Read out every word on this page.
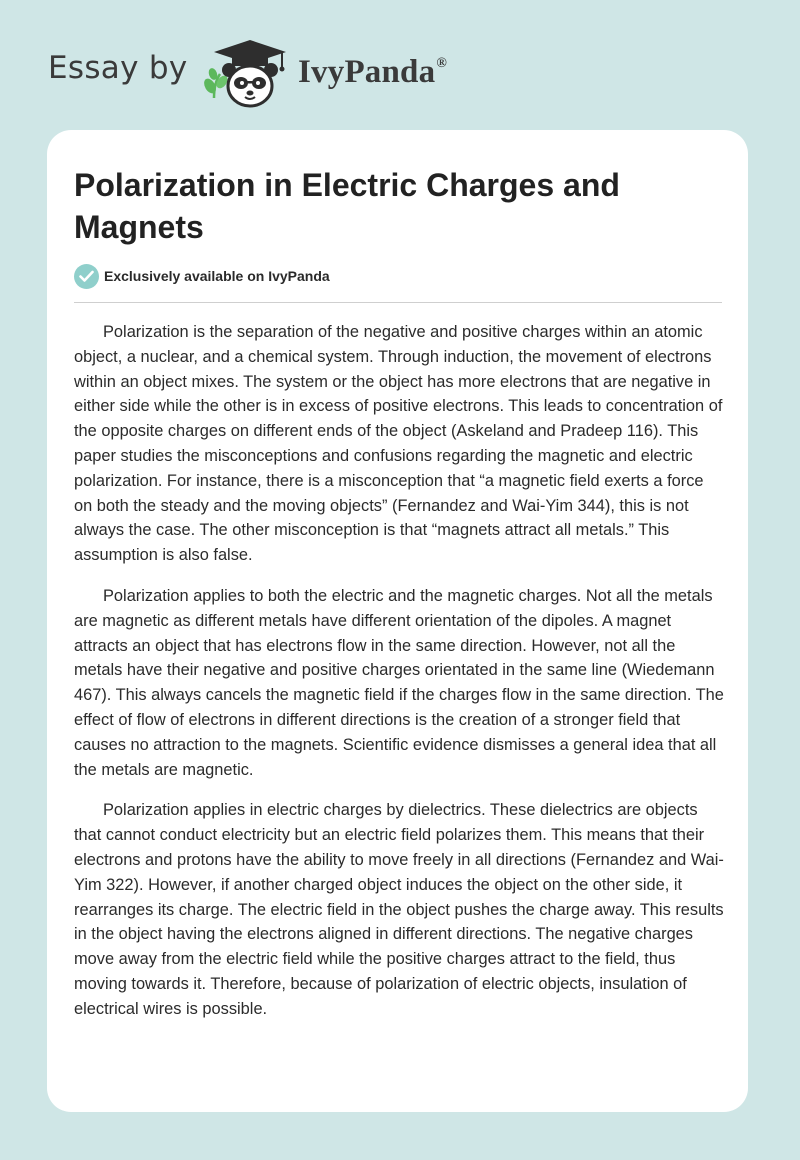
Essay by	IvyPanda®
Polarization in Electric Charges and Magnets
Exclusively available on IvyPanda

Polarization is the separation of the negative and positive charges within an atomic object, a nuclear, and a chemical system. Through induction, the movement of electrons within an object mixes. The system or the object has more electrons that are negative in either side while the other is in excess of positive electrons. This leads to concentration of the opposite charges on different ends of the object (Askeland and Pradeep 116). This paper studies the misconceptions and confusions regarding the magnetic and electric polarization. For instance, there is a misconception that “a magnetic field exerts a force on both the steady and the moving objects” (Fernandez and Wai-Yim 344), this is not always the case. The other misconception is that “magnets attract all metals.” This assumption is also false.

Polarization applies to both the electric and the magnetic charges. Not all the metals are magnetic as different metals have different orientation of the dipoles. A magnet attracts an object that has electrons flow in the same direction. However, not all the metals have their negative and positive charges orientated in the same line (Wiedemann 467). This always cancels the magnetic field if the charges flow in the same direction. The effect of flow of electrons in different directions is the creation of a stronger field that causes no attraction to the magnets. Scientific evidence dismisses a general idea that all the metals are magnetic.

Polarization applies in electric charges by dielectrics. These dielectrics are objects that cannot conduct electricity but an electric field polarizes them. This means that their electrons and protons have the ability to move freely in all directions (Fernandez and Wai-Yim 322). However, if another charged object induces the object on the other side, it rearranges its charge. The electric field in the object pushes the charge away. This results in the object having the electrons aligned in different directions. The negative charges move away from the electric field while the positive charges attract to the field, thus moving towards it. Therefore, because of polarization of electric objects, insulation of electrical wires is possible.
